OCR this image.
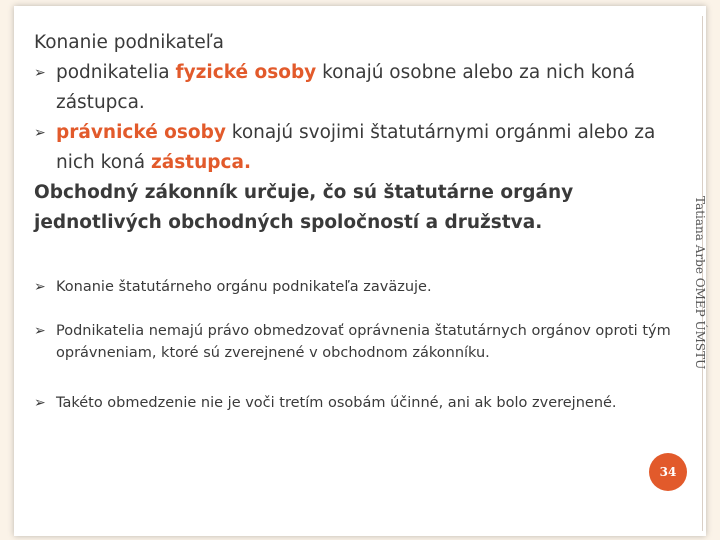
Tatiana Arbe OMEP ÚMSTU
Konanie podnikateľa
➢ podnikatelia fyzické osoby konajú osobne alebo za nich koná
zástupca.
➢ právnické osoby konajú svojimi štatutárnymi orgánmi alebo za
nich koná zástupca.
Obchodný zákonník určuje, čo sú štatutárne orgány jednotlivých obchodných spoločností a družstva.
➢ Konanie štatutárneho orgánu podnikateľa zaväzuje.
➢ Podnikatelia nemajú právo obmedzovať oprávnenia štatutárnych orgánov oproti tým oprávneniam, ktoré sú zverejnené v obchodnom zákonníku.
➢ Takéto obmedzenie nie je voči tretím osobám účinné, ani ak bolo zverejnené.
34
